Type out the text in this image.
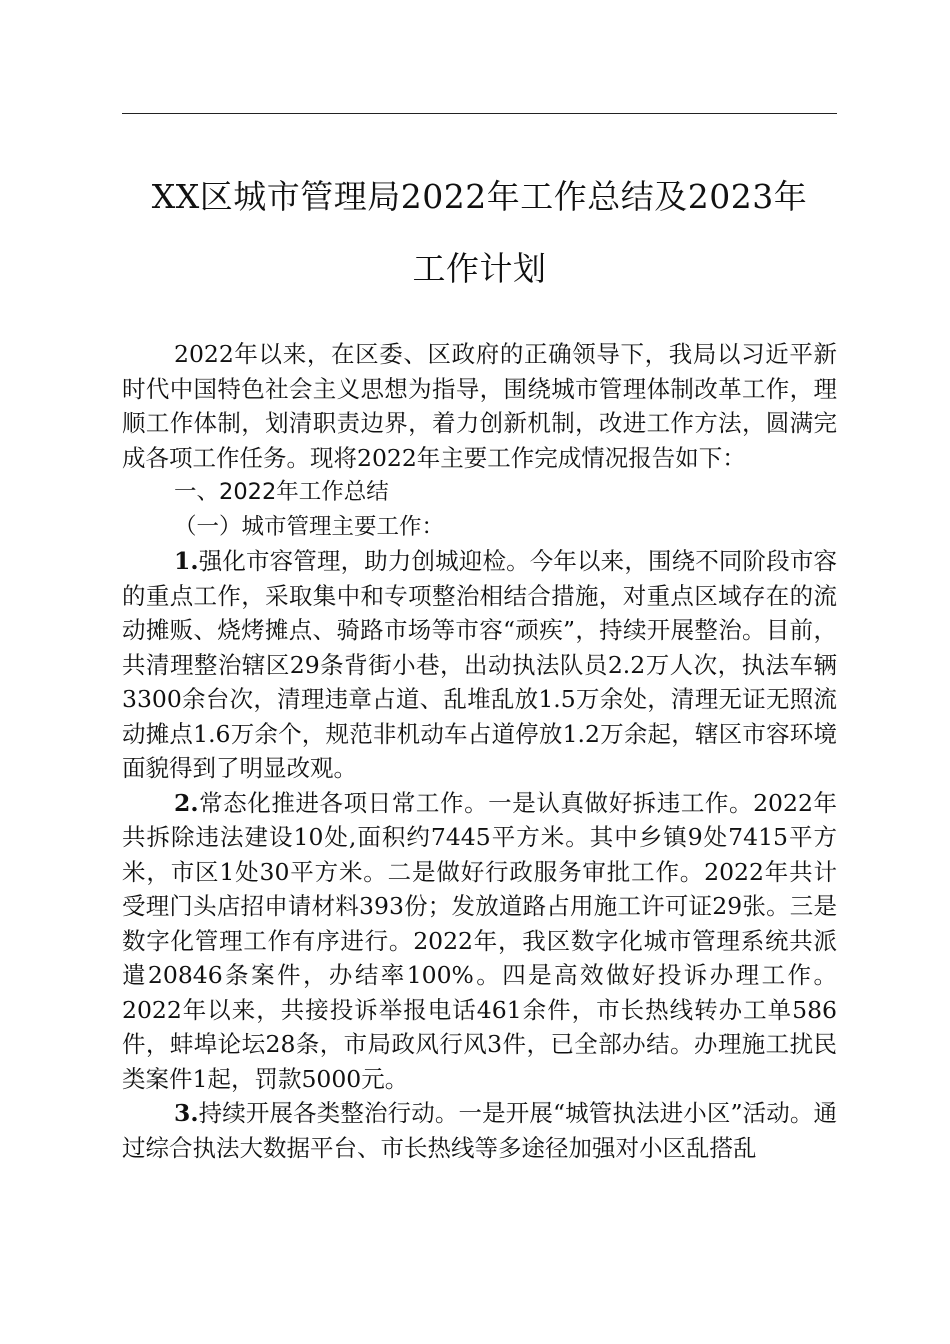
XX区城市管理局2022年工作总结及2023年
工作计划

2022年以来，在区委、区政府的正确领导下，我局以习近平新时代中国特色社会主义思想为指导，围绕城市管理体制改革工作，理顺工作体制，划清职责边界，着力创新机制，改进工作方法，圆满完成各项工作任务。现将2022年主要工作完成情况报告如下：

一、2022年工作总结

（一）城市管理主要工作：

1.强化市容管理，助力创城迎检。今年以来，围绕不同阶段市容的重点工作，采取集中和专项整治相结合措施，对重点区域存在的流动摊贩、烧烤摊点、骑路市场等市容“顽疾”，持续开展整治。目前，共清理整治辖区29条背街小巷，出动执法队员2.2万人次，执法车辆3300余台次，清理违章占道、乱堆乱放1.5万余处，清理无证无照流动摊点1.6万余个，规范非机动车占道停放1.2万余起，辖区市容环境面貌得到了明显改观。

2.常态化推进各项日常工作。一是认真做好拆违工作。2022年共拆除违法建设10处,面积约7445平方米。其中乡镇9处7415平方米，市区1处30平方米。二是做好行政服务审批工作。2022年共计受理门头店招申请材料393份；发放道路占用施工许可证29张。三是数字化管理工作有序进行。2022年，我区数字化城市管理系统共派遣20846条案件，办结率100%。四是高效做好投诉办理工作。2022年以来，共接投诉举报电话461余件，市长热线转办工单586件，蚌埠论坛28条，市局政风行风3件，已全部办结。办理施工扰民类案件1起，罚款5000元。

3.持续开展各类整治行动。一是开展“城管执法进小区”活动。通过综合执法大数据平台、市长热线等多途径加强对小区乱搭乱
